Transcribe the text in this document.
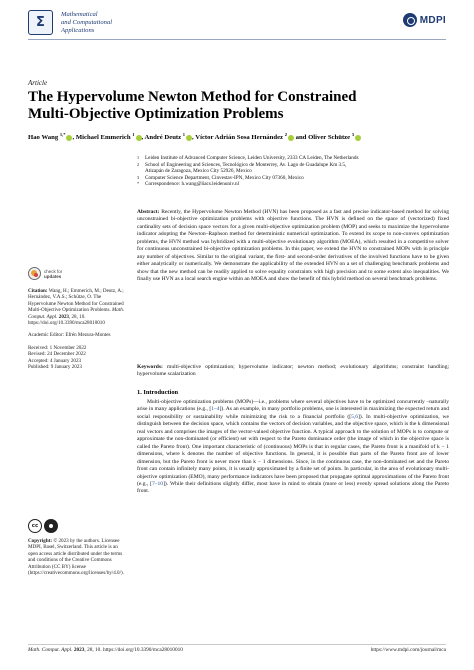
Σ
Mathematical
and Computational
Applications
MDPI
Article
The Hypervolume Newton Method for Constrained
Multi-Objective Optimization Problems
Hao Wang $^{1,*}$ , Michael Emmerich $^1$ , André Deutz $^1$ , Víctor Adrián Sosa Hernández $^2$ and Oliver Schütze $^3$
1	Leiden Institute of Advanced Computer Science, Leiden University, 2333 CA Leiden, The Netherlands
2	School of Engineering and Sciences, Tecnológico de Monterrey, Av. Lago de Guadalupe Km 3.5,
Atizapán de Zaragoza, Mexico City 52926, Mexico
3	Computer Science Department, Cinvestav-IPN, Mexico City 07360, Mexico
*	Correspondence: h.wang@liacs.leidenuniv.nl
Abstract: Recently, the Hypervolume Newton Method (HVN) has been proposed as a fast and precise indicator-based method for solving unconstrained bi-objective optimization problems with objective functions. The HVN is defined on the space of (vectorized) fixed cardinality sets of decision space vectors for a given multi-objective optimization problem (MOP) and seeks to maximize the hypervolume indicator adopting the Newton–Raphson method for deterministic numerical optimization. To extend its scope to non-convex optimization problems, the HVN method was hybridized with a multi-objective evolutionary algorithm (MOEA), which resulted in a competitive solver for continuous unconstrained bi-objective optimization problems. In this paper, we extend the HVN to constrained MOPs with in principle any number of objectives. Similar to the original variant, the first- and second-order derivatives of the involved functions have to be given either analytically or numerically. We demonstrate the applicability of the extended HVN on a set of challenging benchmark problems and show that the new method can be readily applied to solve equality constraints with high precision and to some extent also inequalities. We finally use HVN as a local search engine within an MOEA and show the benefit of this hybrid method on several benchmark problems.
Keywords: multi-objective optimization; hypervolume indicator; newton method; evolutionary algorithms; constraint handling; hypervolume scalarization
1. Introduction
Multi-objective optimization problems (MOPs)—i.e., problems where several objectives have to be optimized concurrently –naturally arise in many applications (e.g., [1–4]). As an example, in many portfolio problems, one is interested in maximizing the expected return and social responsibility or sustainability while minimizing the risk to a financial portfolio ([5,6]). In multi-objective optimization, we distinguish between the decision space, which contains the vectors of decision variables, and the objective space, which is the k dimensional real vectors and comprises the images of the vector-valued objective function. A typical approach to the solution of MOPs is to compute or approximate the non-dominated (or efficient) set with respect to the Pareto dominance order (the image of which in the objective space is called the Pareto front). One important characteristic of (continuous) MOPs is that in regular cases, the Pareto front is a manifold of k − 1 dimensions, where k denotes the number of objective functions. In general, it is possible that parts of the Pareto front are of lower dimension, but the Pareto front is never more than k − 1 dimensions. Since, in the continuous case, the non-dominated set and the Pareto front can contain infinitely many points, it is usually approximated by a finite set of points. In particular, in the area of evolutionary multi-objective optimization (EMO), many performance indicators have been proposed that propagate optimal approximations of the Pareto front (e.g., [7–10]). While their definitions slightly differ, most have in mind to obtain (more or less) evenly spread solutions along the Pareto front.
check for
updates
Citation: Wang, H.; Emmerich, M.; Deutz, A.; Hernández, V.A.S.; Schütze, O. The Hypervolume Newton Method for Constrained Multi-Objective Optimization Problems. Math. Comput. Appl. 2023, 28, 10. https://doi.org/10.3390/mca28010010
Academic Editor: Efrén Mezura-Montes
Received: 1 November 2022
Revised: 24 December 2022
Accepted: 4 January 2023
Published: 9 January 2023
cc
Copyright: © 2023 by the authors. Licensee MDPI, Basel, Switzerland. This article is an open access article distributed under the terms and conditions of the Creative Commons Attribution (CC BY) license (https://creativecommons.org/licenses/by/4.0/).
Math. Comput. Appl. 2023, 28, 10. https://doi.org/10.3390/mca28010010	https://www.mdpi.com/journal/mca
